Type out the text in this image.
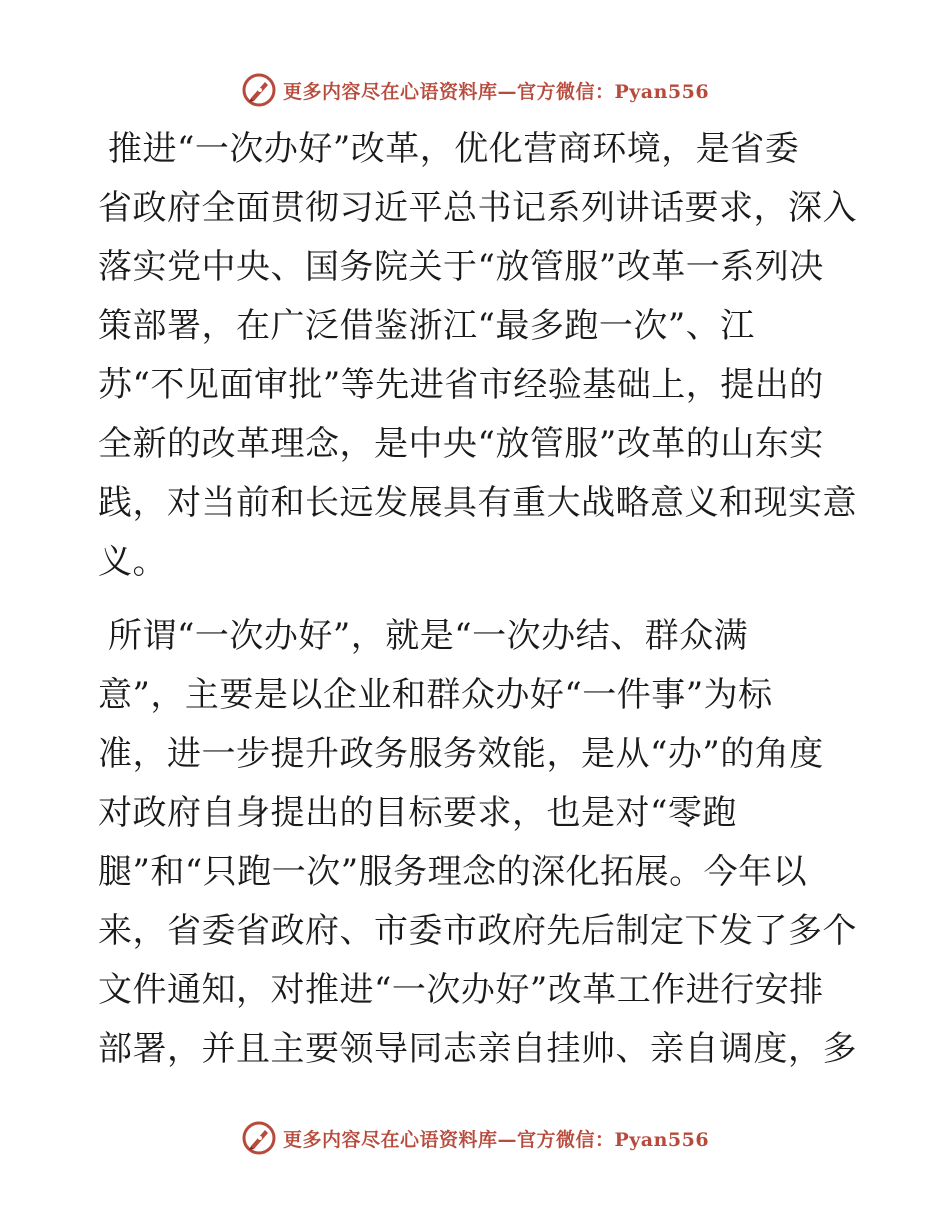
更多内容尽在心语资料库—官方微信：Pyan556
推进“一次办好”改革，优化营商环境，是省委
省政府全面贯彻习近平总书记系列讲话要求，深入
落实党中央、国务院关于“放管服”改革一系列决
策部署，在广泛借鉴浙江“最多跑一次”、江
苏“不见面审批”等先进省市经验基础上，提出的
全新的改革理念，是中央“放管服”改革的山东实
践，对当前和长远发展具有重大战略意义和现实意
义。
所谓“一次办好”，就是“一次办结、群众满
意”，主要是以企业和群众办好“一件事”为标
准，进一步提升政务服务效能，是从“办”的角度
对政府自身提出的目标要求，也是对“零跑
腿”和“只跑一次”服务理念的深化拓展。今年以
来，省委省政府、市委市政府先后制定下发了多个
文件通知，对推进“一次办好”改革工作进行安排
部署，并且主要领导同志亲自挂帅、亲自调度，多
更多内容尽在心语资料库—官方微信：Pyan556
